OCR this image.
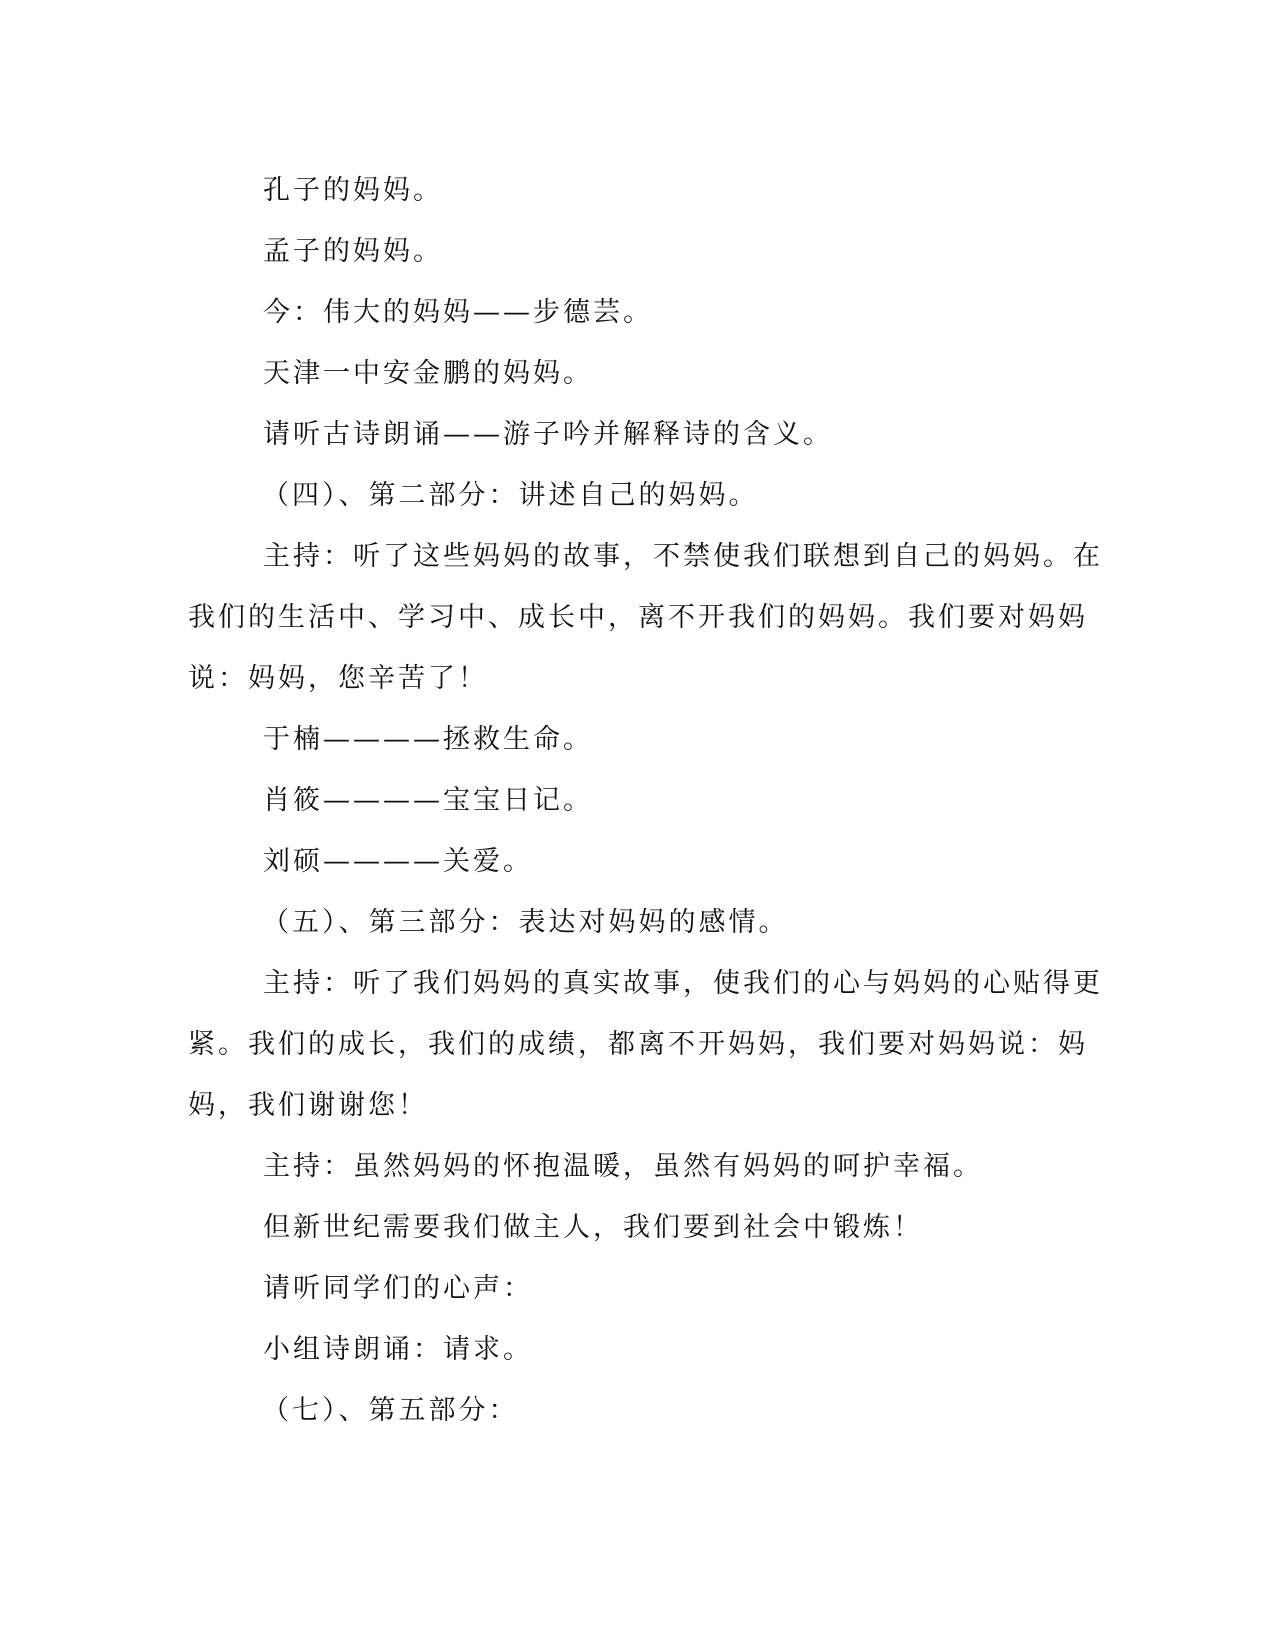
孔子的妈妈。
孟子的妈妈。
今：伟大的妈妈——步德芸。
天津一中安金鹏的妈妈。
请听古诗朗诵——游子吟并解释诗的含义。
（四）、第二部分：讲述自己的妈妈。
主持：听了这些妈妈的故事，不禁使我们联想到自己的妈妈。在
我们的生活中、学习中、成长中，离不开我们的妈妈。我们要对妈妈
说：妈妈，您辛苦了！
于楠————拯救生命。
肖筱————宝宝日记。
刘硕————关爱。
（五）、第三部分：表达对妈妈的感情。
主持：听了我们妈妈的真实故事，使我们的心与妈妈的心贴得更
紧。我们的成长，我们的成绩，都离不开妈妈，我们要对妈妈说：妈
妈，我们谢谢您！
主持：虽然妈妈的怀抱温暖，虽然有妈妈的呵护幸福。
但新世纪需要我们做主人，我们要到社会中锻炼！
请听同学们的心声：
小组诗朗诵：请求。
（七）、第五部分：
